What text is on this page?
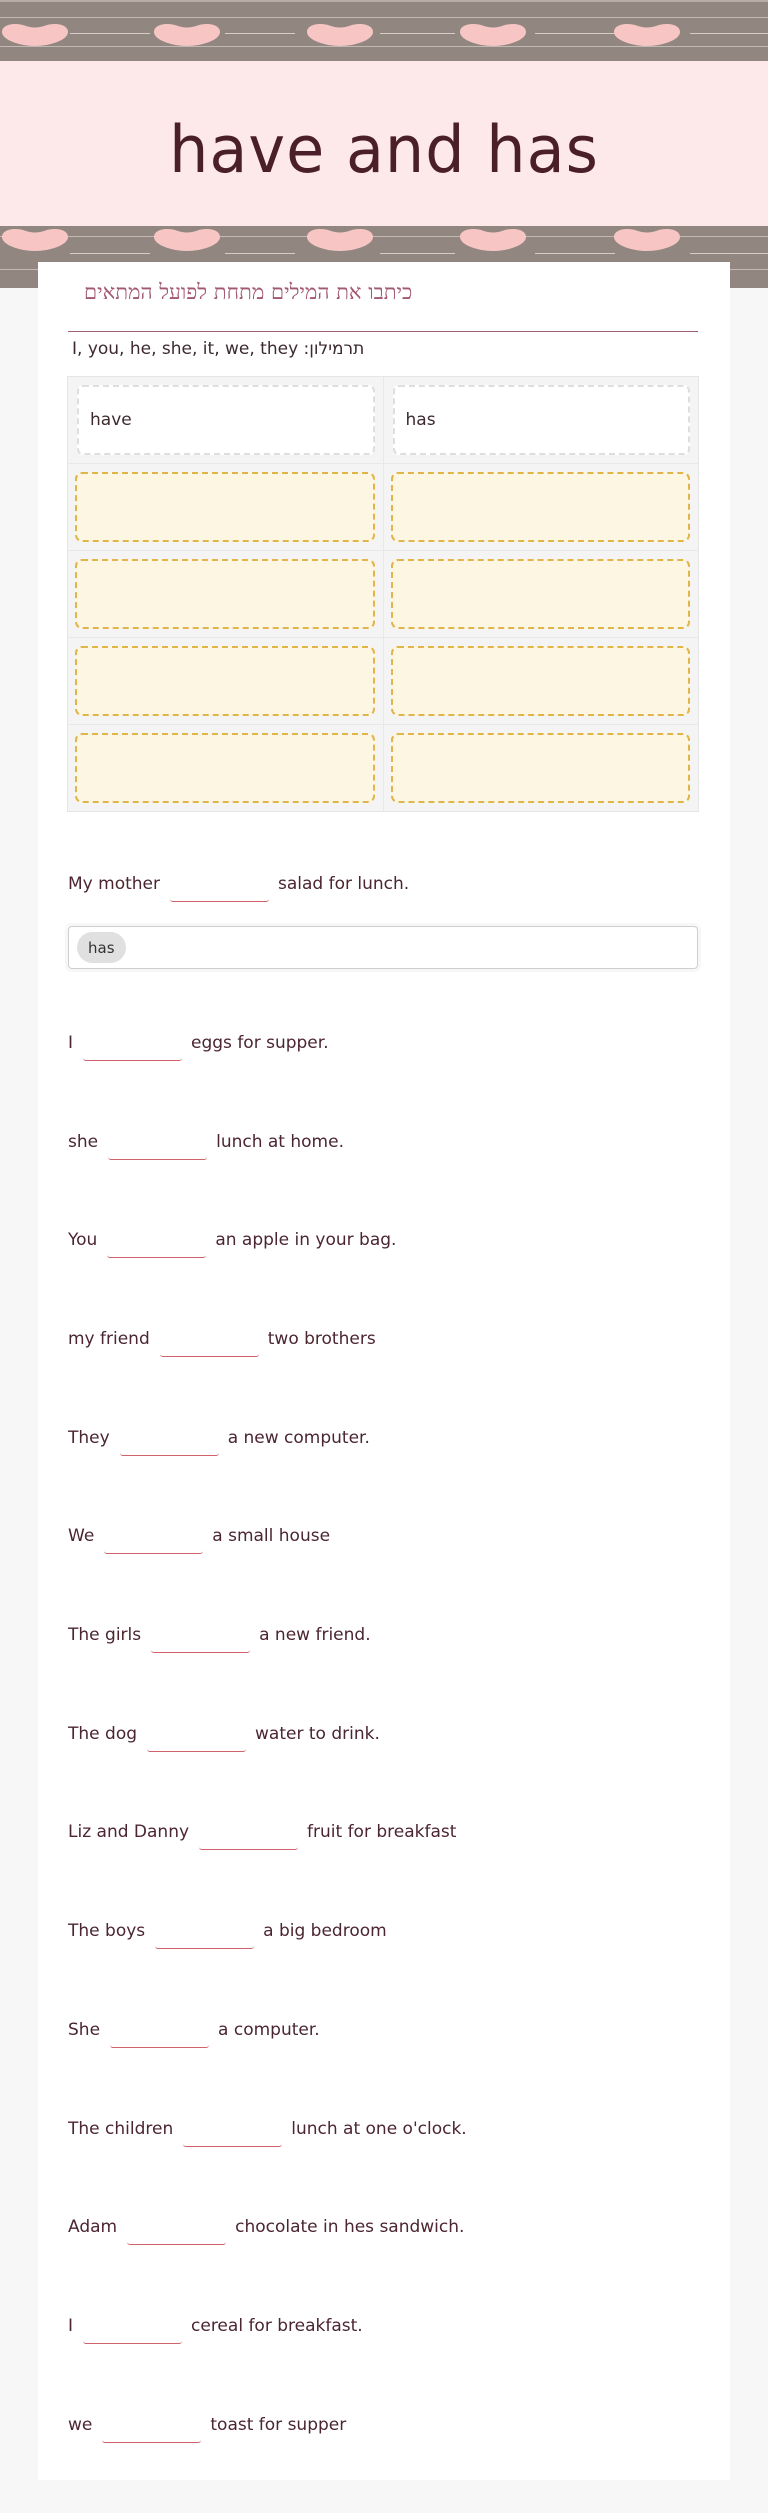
have and has
כיתבו את המילים מתחת לפועל המתאים
I, you, he, she, it, we, they :תרמילון
have	has
My mother	salad for lunch.
has
I	eggs for supper.
she	lunch at home.
You	an apple in your bag.
my friend	two brothers
They	a new computer.
We	a small house
The girls	a new friend.
The dog	water to drink.
Liz and Danny	fruit for breakfast
The boys	a big bedroom
She	a computer.
The children	lunch at one o'clock.
Adam	chocolate in hes sandwich.
I	cereal for breakfast.
we	toast for supper
